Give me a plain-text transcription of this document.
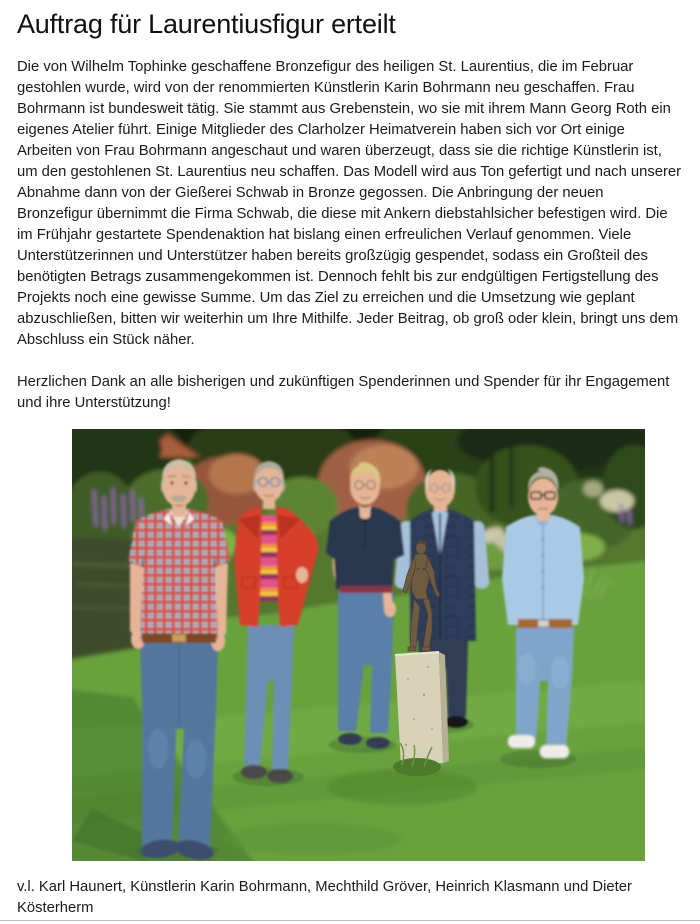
Auftrag für Laurentiusfigur erteilt

Die von Wilhelm Tophinke geschaffene Bronzefigur des heiligen St. Laurentius, die im Februar gestohlen wurde, wird von der renommierten Künstlerin Karin Bohrmann neu geschaffen. Frau Bohrmann ist bundesweit tätig. Sie stammt aus Grebenstein, wo sie mit ihrem Mann Georg Roth ein eigenes Atelier führt. Einige Mitglieder des Clarholzer Heimatverein haben sich vor Ort einige Arbeiten von Frau Bohrmann angeschaut und waren überzeugt, dass sie die richtige Künstlerin ist, um den gestohlenen St. Laurentius neu schaffen. Das Modell wird aus Ton gefertigt und nach unserer Abnahme dann von der Gießerei Schwab in Bronze gegossen. Die Anbringung der neuen Bronzefigur übernimmt die Firma Schwab, die diese mit Ankern diebstahlsicher befestigen wird. Die im Frühjahr gestartete Spendenaktion hat bislang einen erfreulichen Verlauf genommen. Viele Unterstützerinnen und Unterstützer haben bereits großzügig gespendet, sodass ein Großteil des benötigten Betrags zusammengekommen ist. Dennoch fehlt bis zur endgültigen Fertigstellung des Projekts noch eine gewisse Summe. Um das Ziel zu erreichen und die Umsetzung wie geplant abzuschließen, bitten wir weiterhin um Ihre Mithilfe. Jeder Beitrag, ob groß oder klein, bringt uns dem Abschluss ein Stück näher.

Herzlichen Dank an alle bisherigen und zukünftigen Spenderinnen und Spender für ihr Engagement und ihre Unterstützung!

v.l. Karl Haunert, Künstlerin Karin Bohrmann, Mechthild Gröver, Heinrich Klasmann und Dieter Kösterherm
